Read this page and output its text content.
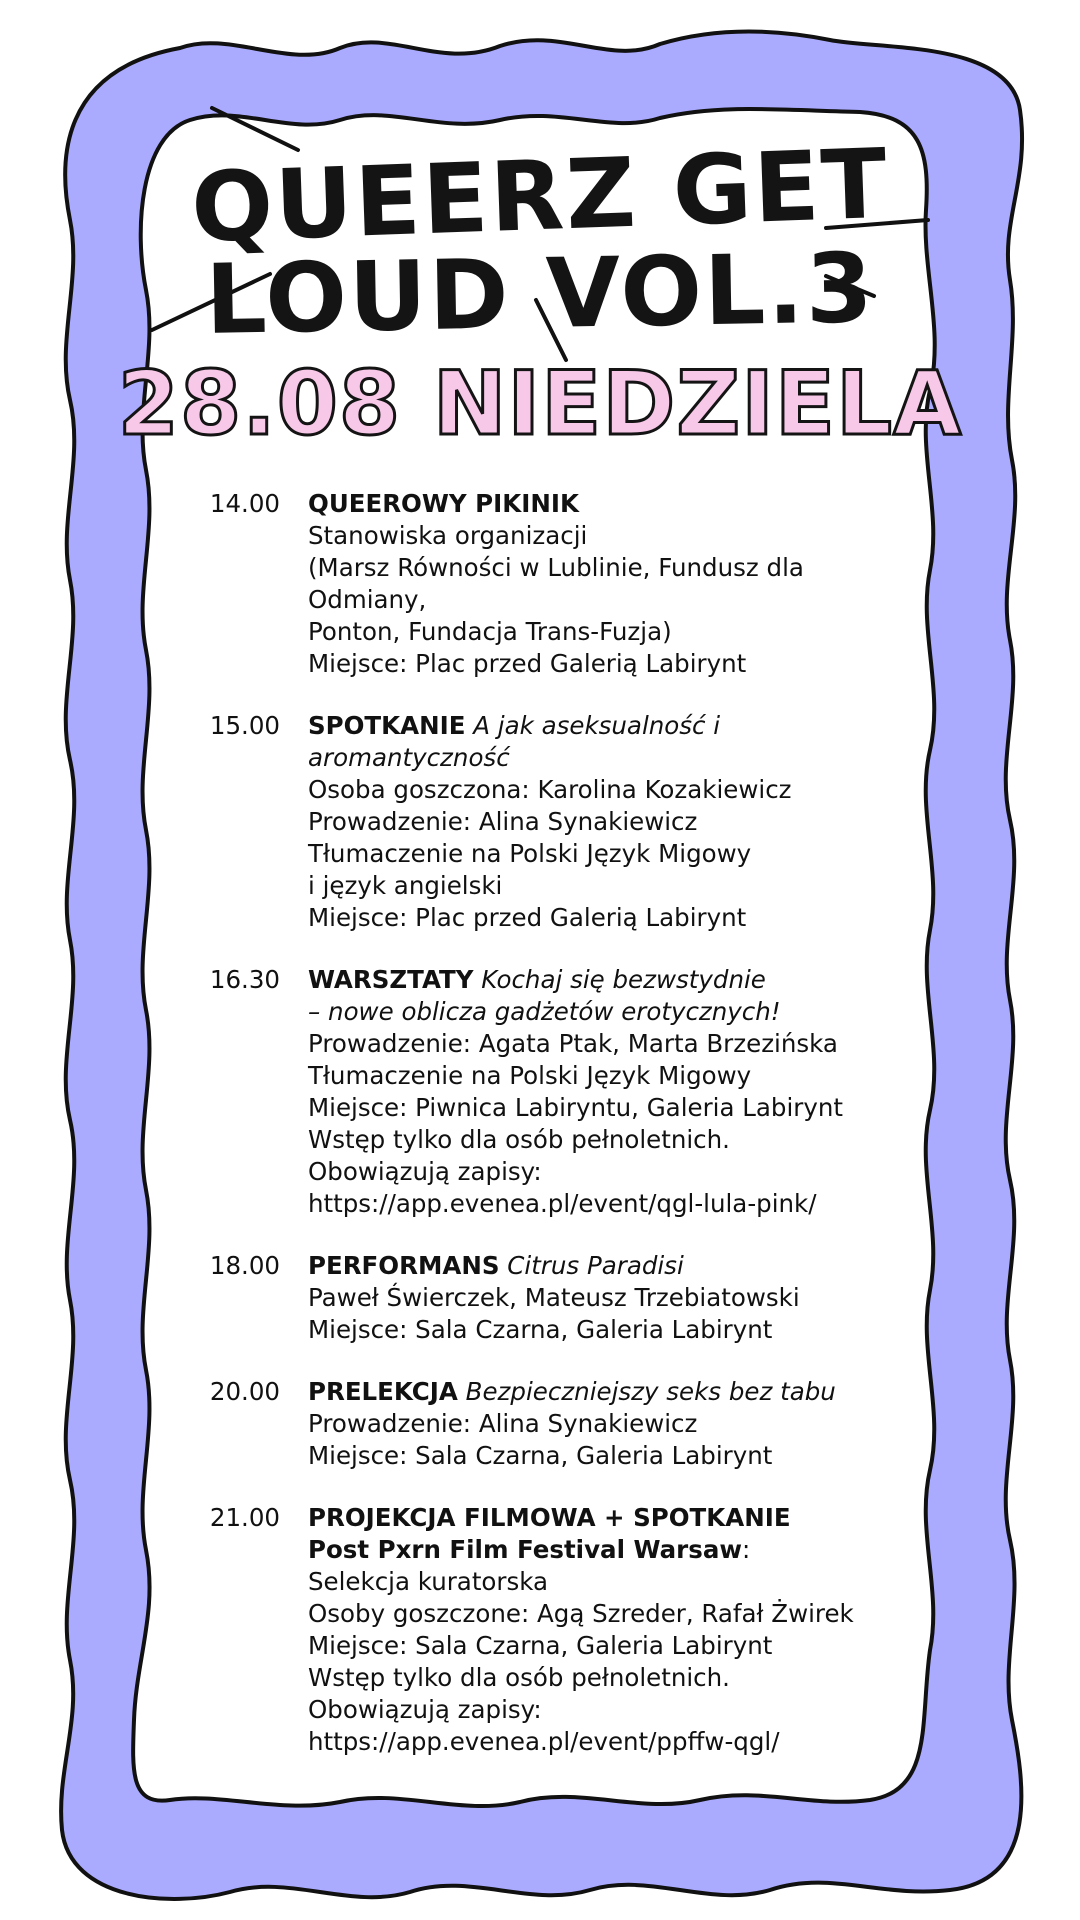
QUEERZ GET
LOUD VOL.3
28.08 NIEDZIELA
14.00 QUEEROWY PIKINIK
Stanowiska organizacji
(Marsz Równości w Lublinie, Fundusz dla Odmiany,
Ponton, Fundacja Trans-Fuzja)
Miejsce: Plac przed Galerią Labirynt
15.00 SPOTKANIE A jak aseksualność i aromantyczność
Osoba goszczona: Karolina Kozakiewicz
Prowadzenie: Alina Synakiewicz
Tłumaczenie na Polski Język Migowy
i język angielski
Miejsce: Plac przed Galerią Labirynt
16.30 WARSZTATY Kochaj się bezwstydnie
– nowe oblicza gadżetów erotycznych!
Prowadzenie: Agata Ptak, Marta Brzezińska
Tłumaczenie na Polski Język Migowy
Miejsce: Piwnica Labiryntu, Galeria Labirynt
Wstęp tylko dla osób pełnoletnich.
Obowiązują zapisy:
https://app.evenea.pl/event/qgl-lula-pink/
18.00 PERFORMANS Citrus Paradisi
Paweł Świerczek, Mateusz Trzebiatowski
Miejsce: Sala Czarna, Galeria Labirynt
20.00 PRELEKCJA Bezpieczniejszy seks bez tabu
Prowadzenie: Alina Synakiewicz
Miejsce: Sala Czarna, Galeria Labirynt
21.00 PROJEKCJA FILMOWA + SPOTKANIE
Post Pxrn Film Festival Warsaw:
Selekcja kuratorska
Osoby goszczone: Agą Szreder, Rafał Żwirek
Miejsce: Sala Czarna, Galeria Labirynt
Wstęp tylko dla osób pełnoletnich.
Obowiązują zapisy:
https://app.evenea.pl/event/ppffw-qgl/
